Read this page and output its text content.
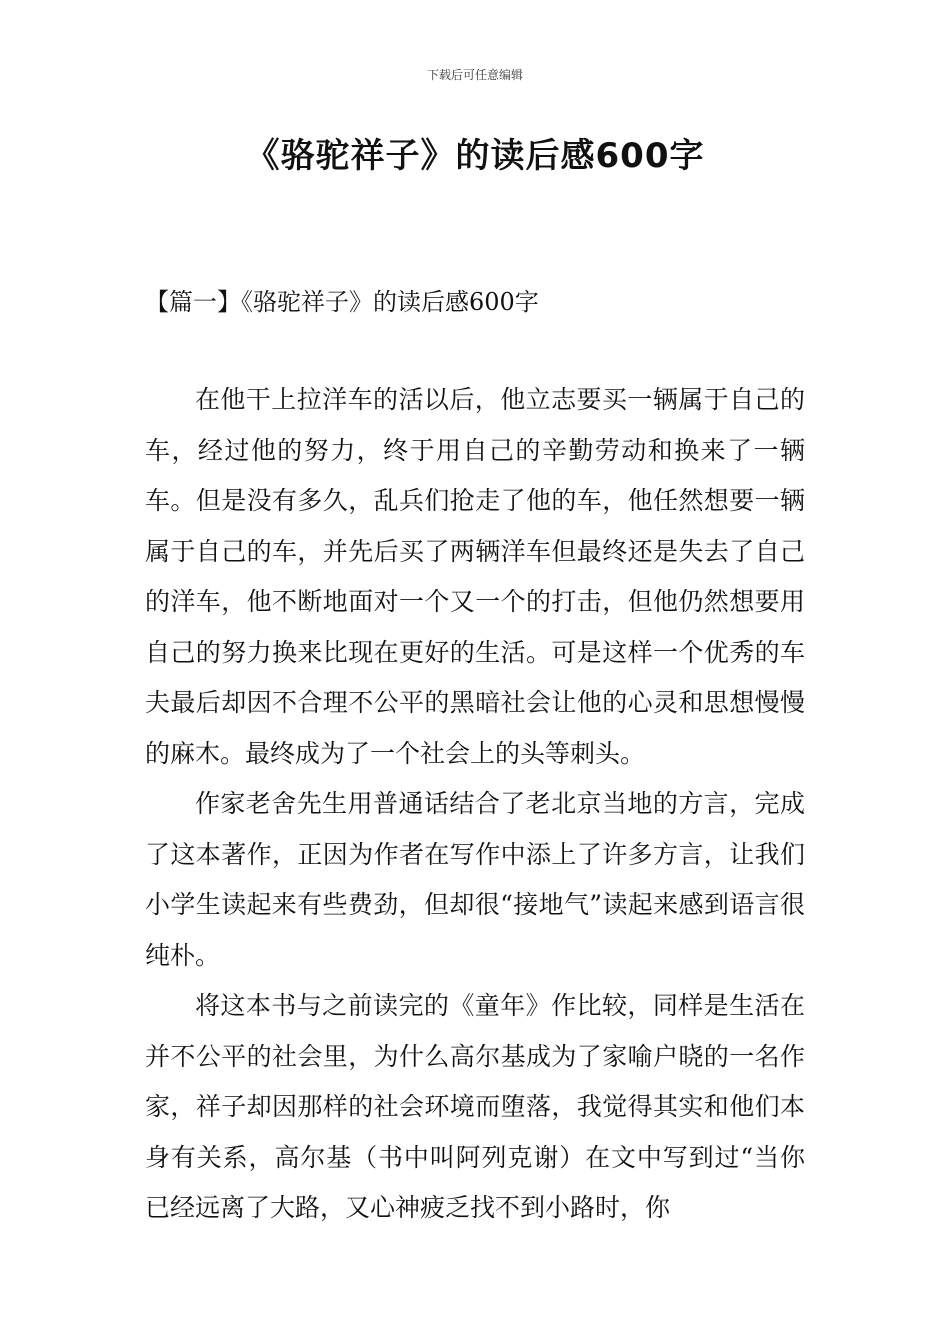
下载后可任意编辑
《骆驼祥子》的读后感600字
【篇一】《骆驼祥子》的读后感600字

在他干上拉洋车的活以后，他立志要买一辆属于自己的车，经过他的努力，终于用自己的辛勤劳动和换来了一辆车。但是没有多久，乱兵们抢走了他的车，他任然想要一辆属于自己的车，并先后买了两辆洋车但最终还是失去了自己的洋车，他不断地面对一个又一个的打击，但他仍然想要用自己的努力换来比现在更好的生活。可是这样一个优秀的车夫最后却因不合理不公平的黑暗社会让他的心灵和思想慢慢的麻木。最终成为了一个社会上的头等刺头。

作家老舍先生用普通话结合了老北京当地的方言，完成了这本著作，正因为作者在写作中添上了许多方言，让我们小学生读起来有些费劲，但却很“接地气”读起来感到语言很纯朴。

将这本书与之前读完的《童年》作比较，同样是生活在并不公平的社会里，为什么高尔基成为了家喻户晓的一名作家，祥子却因那样的社会环境而堕落，我觉得其实和他们本身有关系，高尔基（书中叫阿列克谢）在文中写到过“当你已经远离了大路，又心神疲乏找不到小路时，你
